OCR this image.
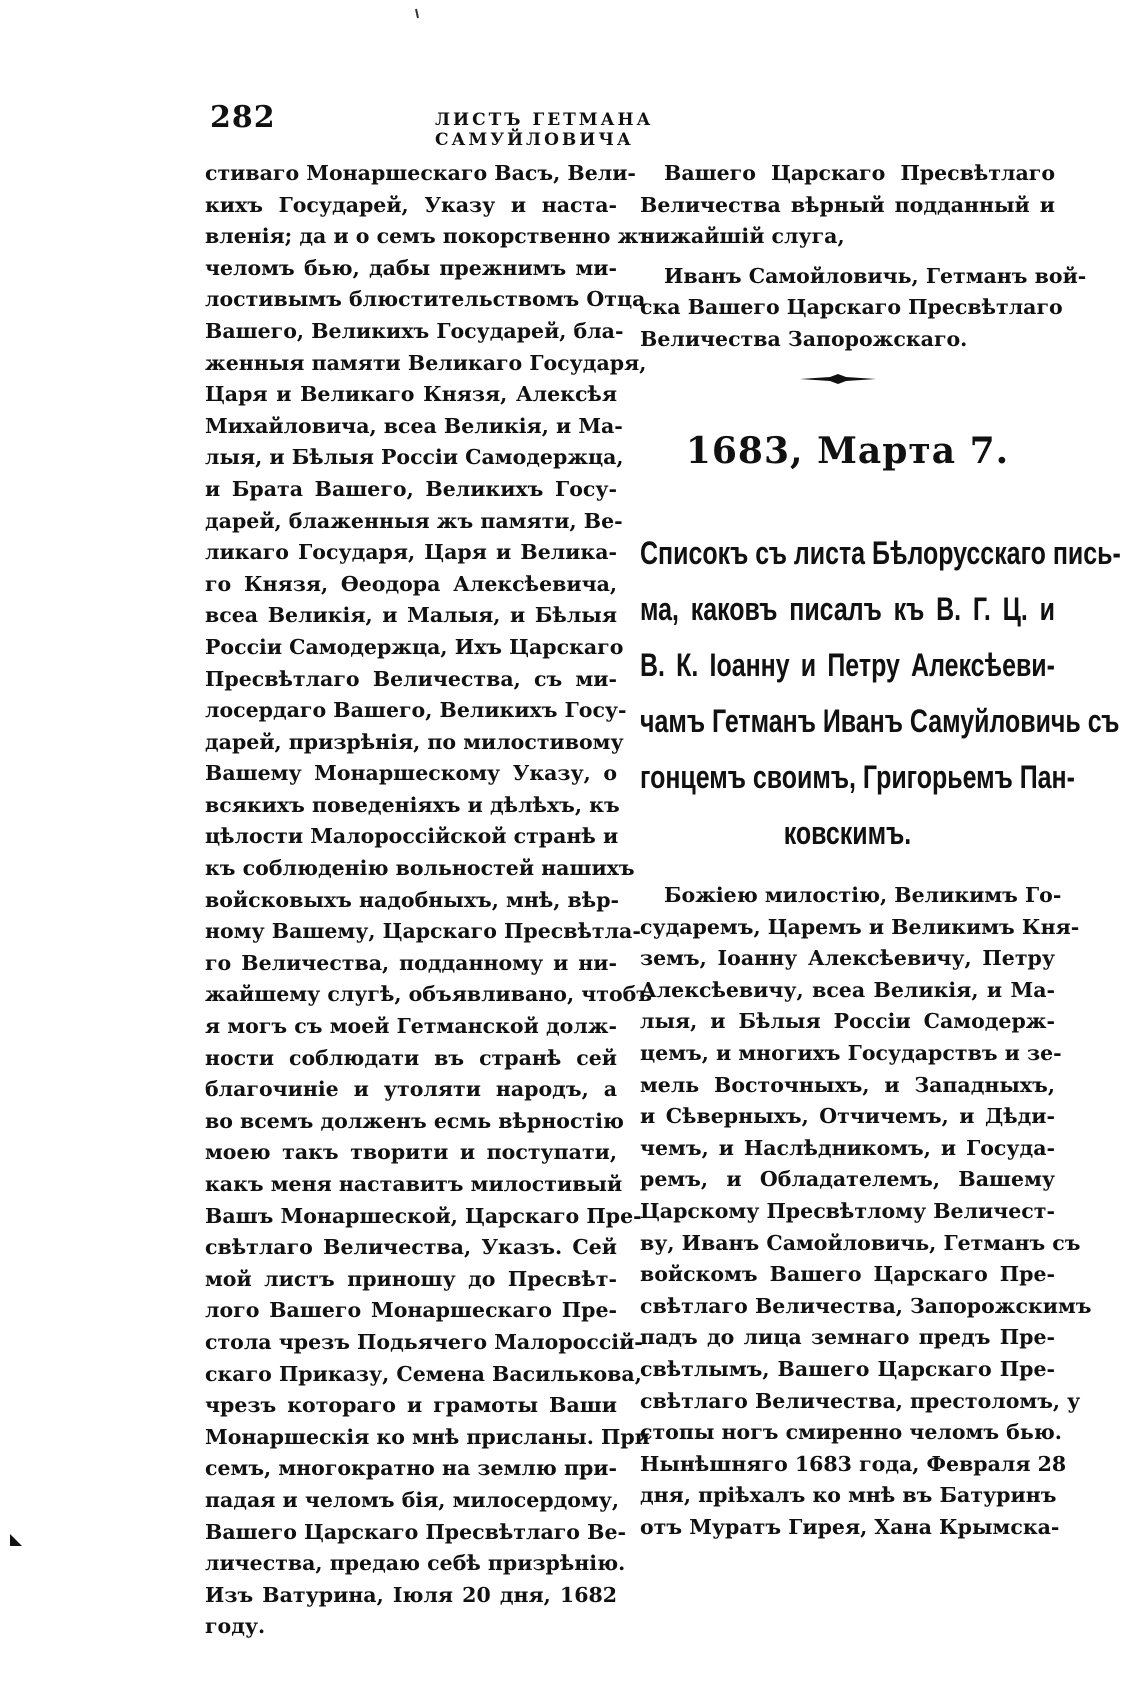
282	ЛИСТЪ ГЕТМАНА САМУЙЛОВИЧА
стиваго Монаршескаго Васъ, Вели-
кихъ Государей, Указу и наста-
вленія; да и о семъ покорственно жъ
челомъ бью, дабы прежнимъ ми-
лостивымъ блюстительствомъ Отца
Вашего, Великихъ Государей, бла-
женныя памяти Великаго Государя,
Царя и Великаго Князя, Алексѣя
Михайловича, всеа Великія, и Ма-
лыя, и Бѣлыя Россіи Самодержца,
и Брата Вашего, Великихъ Госу-
дарей, блаженныя жъ памяти, Ве-
ликаго Государя, Царя и Велика-
го Князя, Ѳеодора Алексѣевича,
всеа Великія, и Малыя, и Бѣлыя
Россіи Самодержца, Ихъ Царскаго
Пресвѣтлаго Величества, съ ми-
лосердаго Вашего, Великихъ Госу-
дарей, призрѣнія, по милостивому
Вашему Монаршескому Указу, о
всякихъ поведеніяхъ и дѣлѣхъ, къ
цѣлости Малороссійской странѣ и
къ соблюденію вольностей нашихъ
войсковыхъ надобныхъ, мнѣ, вѣр-
ному Вашему, Царскаго Пресвѣтла-
го Величества, подданному и ни-
жайшему слугѣ, объявливано, чтобъ
я могъ съ моей Гетманской долж-
ности соблюдати въ странѣ сей
благочиніе и утоляти народъ, а
во всемъ долженъ есмь вѣрностію
моею такъ творити и поступати,
какъ меня наставитъ милостивый
Вашъ Монаршеской, Царскаго Пре-
свѣтлаго Величества, Указъ. Сей
мой листъ приношу до Пресвѣт-
лого Вашего Монаршескаго Пре-
стола чрезъ Подьячего Малороссій-
скаго Приказу, Семена Василькова,
чрезъ котораго и грамоты Ваши
Монаршескія ко мнѣ присланы. При
семъ, многократно на землю при-
падая и челомъ бія, милосердому,
Вашего Царскаго Пресвѣтлаго Ве-
личества, предаю себѣ призрѣнію.
Изъ Ватурина, Іюля 20 дня, 1682
году.
Вашего Царскаго Пресвѣтлаго
Величества вѣрный подданный и
нижайшій слуга,
Иванъ Самойловичь, Гетманъ вой-
ска Вашего Царскаго Пресвѣтлаго
Величества Запорожскаго.
1683, Марта 7.
Списокъ съ листа Бѣлорусскаго пись-
ма, каковъ писалъ къ В. Г. Ц. и
В. К. Іоанну и Петру Алексѣеви-
чамъ Гетманъ Иванъ Самуйловичь съ
гонцемъ своимъ, Григорьемъ Пан-
ковскимъ.
Божіею милостію, Великимъ Го-
сударемъ, Царемъ и Великимъ Кня-
земъ, Іоанну Алексѣевичу, Петру
Алексѣевичу, всеа Великія, и Ма-
лыя, и Бѣлыя Россіи Самодерж-
цемъ, и многихъ Государствъ и зе-
мель Восточныхъ, и Западныхъ,
и Сѣверныхъ, Отчичемъ, и Дѣди-
чемъ, и Наслѣдникомъ, и Госуда-
ремъ, и Обладателемъ, Вашему
Царскому Пресвѣтлому Величест-
ву, Иванъ Самойловичь, Гетманъ съ
войскомъ Вашего Царскаго Пре-
свѣтлаго Величества, Запорожскимъ
падъ до лица земнаго предъ Пре-
свѣтлымъ, Вашего Царскаго Пре-
свѣтлаго Величества, престоломъ, у
стопы ногъ смиренно челомъ бью.
Нынѣшняго 1683 года, Февраля 28
дня, пріѣхалъ ко мнѣ въ Батуринъ
отъ Муратъ Гирея, Хана Крымска-
